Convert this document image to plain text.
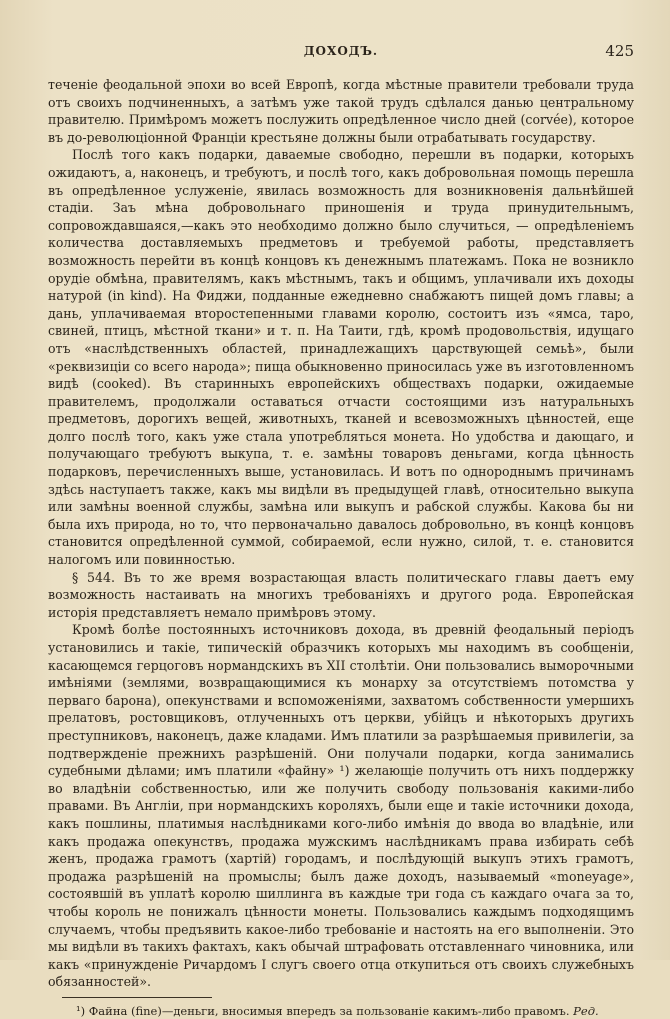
ДОХОДЪ.	425

теченіе феодальной эпохи во всей Европѣ, когда мѣстные правители требовали труда отъ своихъ подчиненныхъ, а затѣмъ уже такой трудъ сдѣлался данью центральному правителю. Примѣромъ можетъ послужить опредѣленное число дней (corvée), которое въ до-революціонной Франціи крестьяне должны были отрабатывать государству.

Послѣ того какъ подарки, даваемые свободно, перешли въ подарки, которыхъ ожидаютъ, а, наконецъ, и требуютъ, и послѣ того, какъ добровольная помощь перешла въ опредѣленное услуженіе, явилась возможность для возникновенія дальнѣйшей стадіи. Заъ мѣна добровольнаго приношенія и труда принудительнымъ, сопровождавшаяся,—какъ это необходимо должно было случиться, — опредѣленіемъ количества доставляемыхъ предметовъ и требуемой работы, представляетъ возможность перейти въ концѣ концовъ къ денежнымъ платежамъ. Пока не возникло орудіе обмѣна, правителямъ, какъ мѣстнымъ, такъ и общимъ, уплачивали ихъ доходы натурой (in kind). На Фиджи, подданные ежедневно снабжаютъ пищей домъ главы; а дань, уплачиваемая второстепенными главами королю, состоитъ изъ «ямса, таро, свиней, птицъ, мѣстной ткани» и т. п. На Таити, гдѣ, кромѣ продовольствія, идущаго отъ «наслѣдственныхъ областей, принадлежащихъ царствующей семьѣ», были «реквизиціи со всего народа»; пища обыкновенно приносилась уже въ изготовленномъ видѣ (cooked). Въ старинныхъ европейскихъ обществахъ подарки, ожидаемые правителемъ, продолжали оставаться отчасти состоящими изъ натуральныхъ предметовъ, дорогихъ вещей, животныхъ, тканей и всевозможныхъ цѣнностей, еще долго послѣ того, какъ уже стала употребляться монета. Но удобства и дающаго, и получающаго требуютъ выкупа, т. е. замѣны товаровъ деньгами, когда цѣнность подарковъ, перечисленныхъ выше, установилась. И вотъ по однороднымъ причинамъ здѣсь наступаетъ также, какъ мы видѣли въ предыдущей главѣ, относительно выкупа или замѣны военной службы, замѣна или выкупъ и рабской службы. Какова бы ни была ихъ природа, но то, что первоначально давалось добровольно, въ концѣ концовъ становится опредѣленной суммой, собираемой, если нужно, силой, т. е. становится налогомъ или повинностью.

§ 544. Въ то же время возрастающая власть политическаго главы даетъ ему возможность настаивать на многихъ требованіяхъ и другого рода. Европейская исторія представляетъ немало примѣровъ этому.

Кромѣ болѣе постоянныхъ источниковъ дохода, въ древній феодальный періодъ установились и такіе, типическій образчикъ которыхъ мы находимъ въ сообщеніи, касающемся герцоговъ нормандскихъ въ XII столѣтіи. Они пользовались выморочными имѣніями (землями, возвращающимися къ монарху за отсутствіемъ потомства у перваго барона), опекунствами и вспоможеніями, захватомъ собственности умершихъ прелатовъ, ростовщиковъ, отлученныхъ отъ церкви, убійцъ и нѣкоторыхъ другихъ преступниковъ, наконецъ, даже кладами. Имъ платили за разрѣшаемыя привилегіи, за подтвержденіе прежнихъ разрѣшеній. Они получали подарки, когда занимались судебными дѣлами; имъ платили «файну» ¹) желающіе получить отъ нихъ поддержку во владѣніи собственностью, или же получить свободу пользованія какими-либо правами. Въ Англіи, при нормандскихъ короляхъ, были еще и такіе источники дохода, какъ пошлины, платимыя наслѣдниками кого-либо имѣнія до ввода во владѣніе, или какъ продажа опекунствъ, продажа мужскимъ наслѣдникамъ права избирать себѣ женъ, продажа грамотъ (хартій) городамъ, и послѣдующій выкупъ этихъ грамотъ, продажа разрѣшеній на промыслы; былъ даже доходъ, называемый «monеуаge», состоявшій въ уплатѣ королю шиллинга въ каждые три года съ каждаго очага за то, чтобы король не понижалъ цѣнности монеты. Пользовались каждымъ подходящимъ случаемъ, чтобы предъявить какое-либо требованіе и настоять на его выполненіи. Это мы видѣли въ такихъ фактахъ, какъ обычай штрафовать отставленнаго чиновника, или какъ «принужденіе Ричардомъ I слугъ своего отца откупиться отъ своихъ служебныхъ обязанностей».

¹) Файна (fine)—деньги, вносимыя впередъ за пользованіе какимъ-либо правомъ. Ред.
